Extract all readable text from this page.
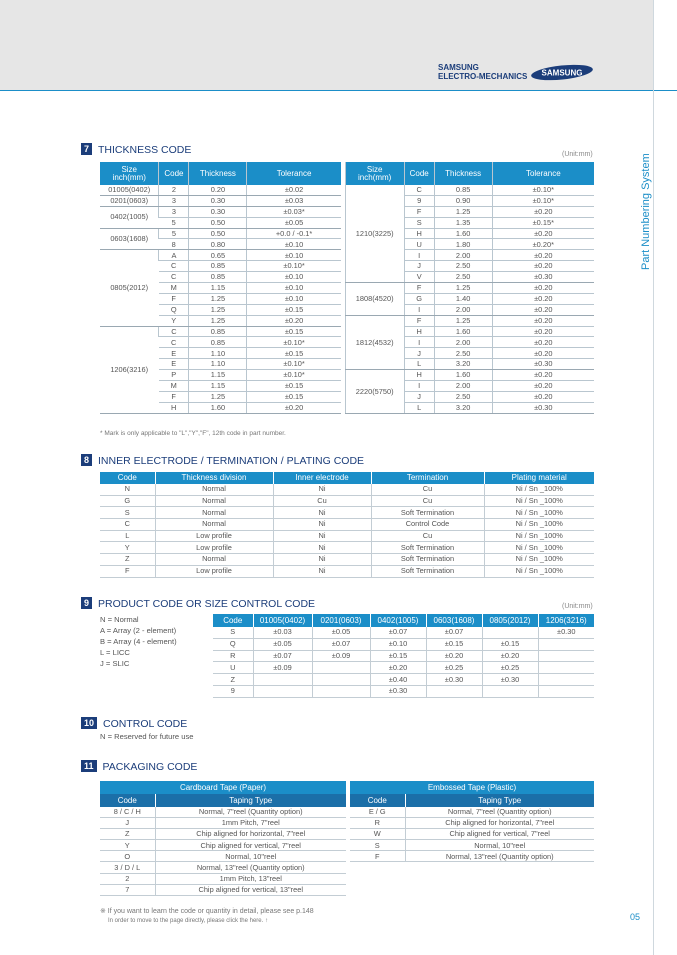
SAMSUNG
ELECTRO-MECHANICS SAMSUNG
Part Numbering System
05
7 THICKNESS CODE	(Unit:mm)
Size
inch(mm)	Code	Thickness	Tolerance		Size
inch(mm)	Code	Thickness	Tolerance
01005(0402)	2	0.20	±0.02		1210(3225)	C	0.85	±0.10*
0201(0603)	3	0.30	±0.03			9	0.90	±0.10*
0402(1005)	3	0.30	±0.03*			F	1.25	±0.20
	5	0.50	±0.05			S	1.35	±0.15*
0603(1608)	5	0.50	+0.0 / -0.1*			H	1.60	±0.20
	8	0.80	±0.10			U	1.80	±0.20*
0805(2012)	A	0.65	±0.10			I	2.00	±0.20
	C	0.85	±0.10*			J	2.50	±0.20
	C	0.85	±0.10			V	2.50	±0.30
	M	1.15	±0.10		1808(4520)	F	1.25	±0.20
	F	1.25	±0.10			G	1.40	±0.20
	Q	1.25	±0.15			I	2.00	±0.20
	Y	1.25	±0.20		1812(4532)	F	1.25	±0.20
1206(3216)	C	0.85	±0.15			H	1.60	±0.20
	C	0.85	±0.10*			I	2.00	±0.20
	E	1.10	±0.15			J	2.50	±0.20
	E	1.10	±0.10*			L	3.20	±0.30
	P	1.15	±0.10*		2220(5750)	H	1.60	±0.20
	M	1.15	±0.15			I	2.00	±0.20
	F	1.25	±0.15			J	2.50	±0.20
	H	1.60	±0.20			L	3.20	±0.30
* Mark is only applicable to "L","Y","F", 12th code in part number.
8 INNER ELECTRODE / TERMINATION / PLATING CODE
Code	Thickness division	Inner electrode	Termination	Plating material
N	Normal	Ni	Cu	Ni / Sn _100%
G	Normal	Cu	Cu	Ni / Sn _100%
S	Normal	Ni	Soft Termination	Ni / Sn _100%
C	Normal	Ni	Control Code	Ni / Sn _100%
L	Low profile	Ni	Cu	Ni / Sn _100%
Y	Low profile	Ni	Soft Termination	Ni / Sn _100%
Z	Normal	Ni	Soft Termination	Ni / Sn _100%
F	Low profile	Ni	Soft Termination	Ni / Sn _100%
9 PRODUCT CODE OR SIZE CONTROL CODE	(Unit:mm)
N = Normal
A = Array (2 - element)
B = Array (4 - element)
L = LICC
J = SLIC
Code	01005(0402)	0201(0603)	0402(1005)	0603(1608)	0805(2012)	1206(3216)
S	±0.03	±0.05	±0.07	±0.07		±0.30
Q	±0.05	±0.07	±0.10	±0.15	±0.15	
R	±0.07	±0.09	±0.15	±0.20	±0.20	
U	±0.09		±0.20	±0.25	±0.25	
Z			±0.40	±0.30	±0.30	
9			±0.30			
10 CONTROL CODE
N = Reserved for future use
11 PACKAGING CODE
Cardboard Tape (Paper)	
Code	Taping Type
8 / C / H	Normal, 7"reel (Quantity option)
J	1mm Pitch, 7"reel
Z	Chip aligned for horizontal, 7"reel
Y	Chip aligned for vertical, 7"reel
O	Normal, 10"reel
3 / D / L	Normal, 13"reel (Quantity option)
2	1mm Pitch, 13"reel
7	Chip aligned for vertical, 13"reel
Embossed Tape (Plastic)	
Code	Taping Type
E / G	Normal, 7"reel (Quantity option)
R	Chip aligned for horizontal, 7"reel
W	Chip aligned for vertical, 7"reel
S	Normal, 10"reel
F	Normal, 13"reel (Quantity option)
※ If you want to learn the code or quantity in detail, please see p.148
In order to move to the page directly, please click the here. ↑
